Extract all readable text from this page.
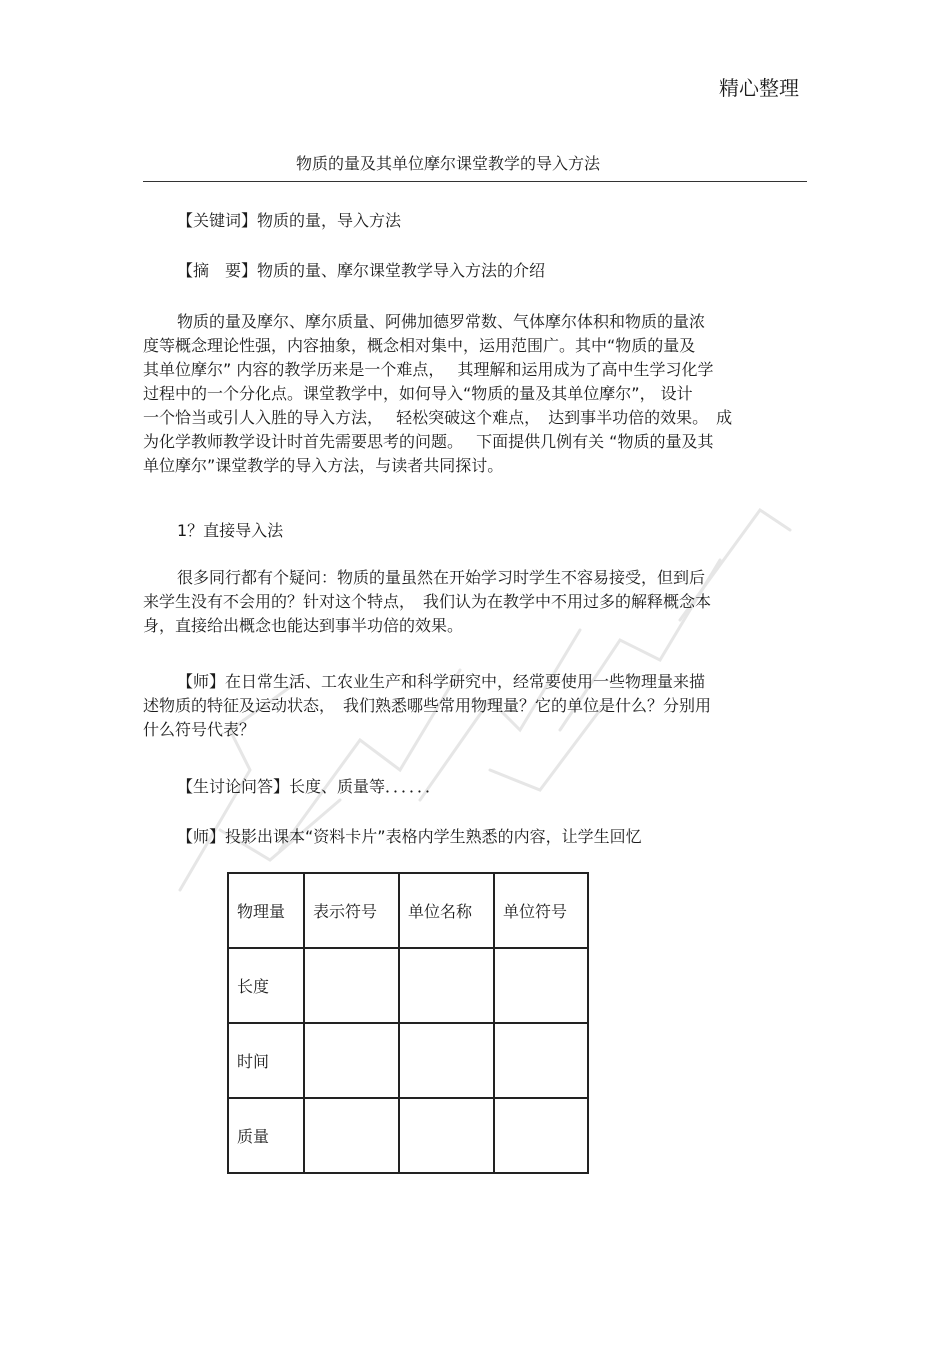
精心整理
物质的量及其单位摩尔课堂教学的导入方法
【关键词】物质的量，导入方法
【摘　要】物质的量、摩尔课堂教学导入方法的介绍
物质的量及摩尔、摩尔质量、阿佛加德罗常数、气体摩尔体积和物质的量浓
度等概念理论性强，内容抽象，概念相对集中，运用范围广。其中“物质的量及
其单位摩尔” 内容的教学历来是一个难点，　 其理解和运用成为了高中生学习化学
过程中的一个分化点。课堂教学中，如何导入“物质的量及其单位摩尔”， 设计
一个恰当或引人入胜的导入方法，　 轻松突破这个难点，　达到事半功倍的效果。　成
为化学教师教学设计时首先需要思考的问题。　 下面提供几例有关 “物质的量及其
单位摩尔”课堂教学的导入方法，与读者共同探讨。
1？直接导入法
很多同行都有个疑问：物质的量虽然在开始学习时学生不容易接受，但到后
来学生没有不会用的？针对这个特点，　我们认为在教学中不用过多的解释概念本
身，直接给出概念也能达到事半功倍的效果。
【师】在日常生活、工农业生产和科学研究中，经常要使用一些物理量来描
述物质的特征及运动状态，　我们熟悉哪些常用物理量？它的单位是什么？分别用
什么符号代表？
【生讨论问答】长度、质量等．．．．．．
【师】投影出课本“资料卡片”表格内学生熟悉的内容，让学生回忆
物理量	表示符号	单位名称	单位符号
长度			
时间			
质量			
